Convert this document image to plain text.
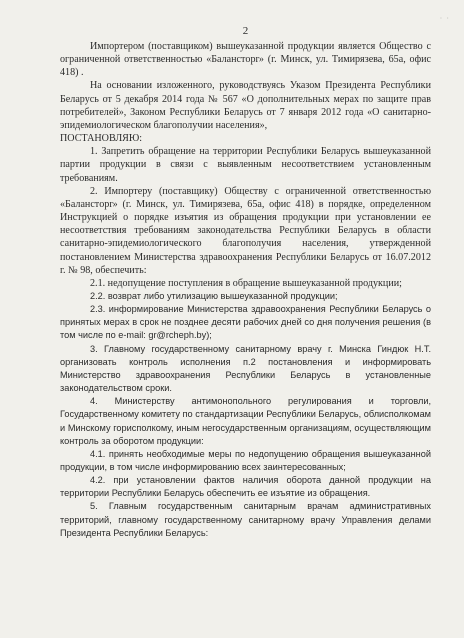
· ·
2

Импортером (поставщиком) вышеуказанной продукции является Общество с ограниченной ответственностью «Баланстopr» (г. Минск, ул. Тимирязева, 65а, офис 418) .

На основании изложенного, руководствуясь Указом Президента Республики Беларусь от 5 декабря 2014 года № 567 «О дополнительных мерах по защите прав потребителей», Законом Республики Беларусь от 7 января 2012 года «О санитарно-эпидемиологическом благополучии населения»,

ПОСТАНОВЛЯЮ:

1. Запретить обращение на территории Республики Беларусь вышеуказанной партии продукции в связи с выявленным несоответствием установленным требованиям.

2. Импортеру (поставщику) Обществу с ограниченной ответственностью «Баланстopr» (г. Минск, ул. Тимирязева, 65а, офис 418) в порядке, определенном Инструкцией о порядке изъятия из обращения продукции при установлении ее несоответствия требованиям законодательства Республики Беларусь в области санитарно-эпидемиологического благополучия населения, утвержденной постановлением Министерства здравоохранения Республики Беларусь от 16.07.2012 г. № 98, обеспечить:

2.1. недопущение поступления в обращение вышеуказанной продукции;

2.2. возврат либо утилизацию вышеуказанной продукции;

2.3. информирование Министерства здравоохранения Республики Беларусь о принятых мерах в срок не позднее десяти рабочих дней со дня получения решения (в том числе по e-mail: gr@rcheph.by);

3. Главному государственному санитарному врачу г. Минска Гиндюк Н.Т. организовать контроль исполнения п.2 постановления и информировать Министерство здравоохранения Республики Беларусь в установленные законодательством сроки.

4. Министерству антимонопольного регулирования и торговли, Государственному комитету по стандартизации Республики Беларусь, облисполкомам и Минскому горисполкому, иным негосударственным организациям, осуществляющим контроль за оборотом продукции:

4.1. принять необходимые меры по недопущению обращения вышеуказанной продукции, в том числе информированию всех заинтересованных;

4.2. при установлении фактов наличия оборота данной продукции на территории Республики Беларусь обеспечить ее изъятие из обращения.

5. Главным государственным санитарным врачам административных территорий, главному государственному санитарному врачу Управления делами Президента Республики Беларусь:
